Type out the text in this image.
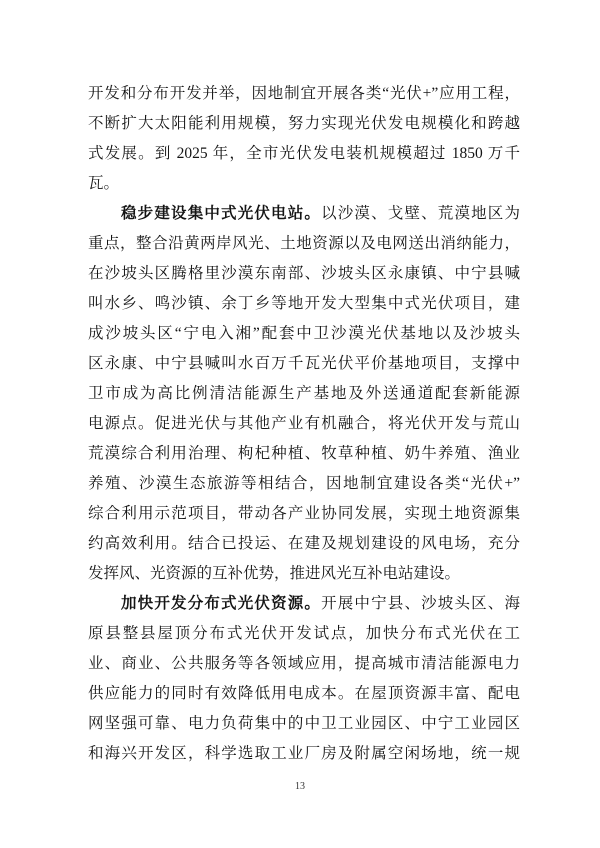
开发和分布开发并举，因地制宜开展各类“光伏+”应用工程，
不断扩大太阳能利用规模，努力实现光伏发电规模化和跨越
式发展。到 2025 年，全市光伏发电装机规模超过 1850 万千
瓦。
稳步建设集中式光伏电站。以沙漠、戈壁、荒漠地区为
重点，整合沿黄两岸风光、土地资源以及电网送出消纳能力，
在沙坡头区腾格里沙漠东南部、沙坡头区永康镇、中宁县喊
叫水乡、鸣沙镇、余丁乡等地开发大型集中式光伏项目，建
成沙坡头区“宁电入湘”配套中卫沙漠光伏基地以及沙坡头
区永康、中宁县喊叫水百万千瓦光伏平价基地项目，支撑中
卫市成为高比例清洁能源生产基地及外送通道配套新能源
电源点。促进光伏与其他产业有机融合，将光伏开发与荒山
荒漠综合利用治理、枸杞种植、牧草种植、奶牛养殖、渔业
养殖、沙漠生态旅游等相结合，因地制宜建设各类“光伏+”
综合利用示范项目，带动各产业协同发展，实现土地资源集
约高效利用。结合已投运、在建及规划建设的风电场，充分
发挥风、光资源的互补优势，推进风光互补电站建设。
加快开发分布式光伏资源。开展中宁县、沙坡头区、海
原县整县屋顶分布式光伏开发试点，加快分布式光伏在工
业、商业、公共服务等各领域应用，提高城市清洁能源电力
供应能力的同时有效降低用电成本。在屋顶资源丰富、配电
网坚强可靠、电力负荷集中的中卫工业园区、中宁工业园区
和海兴开发区，科学选取工业厂房及附属空闲场地，统一规
13
